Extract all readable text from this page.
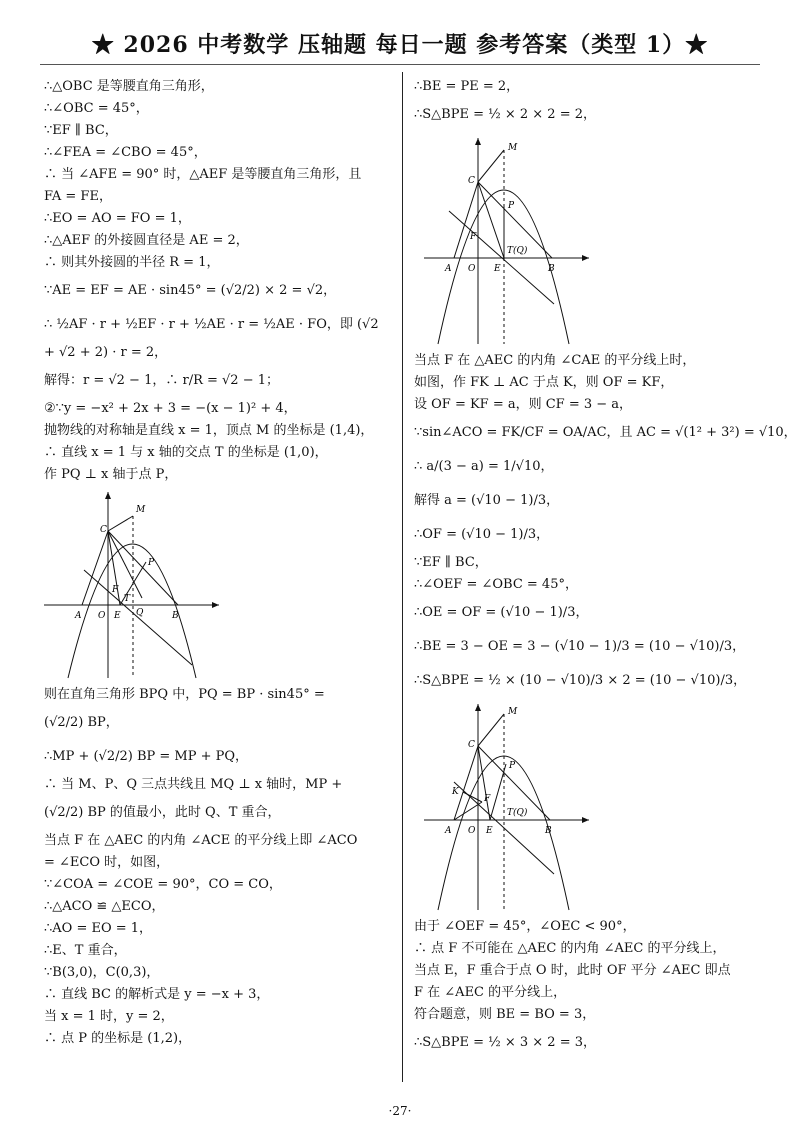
★ 2026 中考数学 压轴题 每日一题 参考答案（类型 1）★
∴△OBC 是等腰直角三角形，
∴∠OBC = 45°，
∵EF ∥ BC，
∴∠FEA = ∠CBO = 45°，
∴ 当 ∠AFE = 90° 时，△AEF 是等腰直角三角形，且
FA = FE，
∴EO = AO = FO = 1，
∴△AEF 的外接圆直径是 AE = 2，
∴ 则其外接圆的半径 R = 1，
∵AE = EF = AE · sin45° = (√2/2) × 2 = √2，
∴ ½AF · r + ½EF · r + ½AE · r = ½AE · FO，即 (√2
+ √2 + 2) · r = 2，
解得：r = √2 − 1，∴ r/R = √2 − 1；
②∵y = −x² + 2x + 3 = −(x − 1)² + 4，
抛物线的对称轴是直线 x = 1，顶点 M 的坐标是 (1,4)，
∴ 直线 x = 1 与 x 轴的交点 T 的坐标是 (1,0)，
作 PQ ⊥ x 轴于点 P，
M
C
P
F
T
A O E Q	B
则在直角三角形 BPQ 中，PQ = BP · sin45° =
(√2/2) BP，
∴MP + (√2/2) BP = MP + PQ，
∴ 当 M、P、Q 三点共线且 MQ ⊥ x 轴时，MP +
(√2/2) BP 的值最小，此时 Q、T 重合，
当点 F 在 △AEC 的内角 ∠ACE 的平分线上即 ∠ACO
= ∠ECO 时，如图，
∵∠COA = ∠COE = 90°，CO = CO，
∴△ACO ≌ △ECO，
∴AO = EO = 1，
∴E、T 重合，
∵B(3,0)，C(0,3)，
∴ 直线 BC 的解析式是 y = −x + 3，
当 x = 1 时，y = 2，
∴ 点 P 的坐标是 (1,2)，
∴BE = PE = 2，
∴S△BPE = ½ × 2 × 2 = 2，
M
C
P
F
T(Q)
A O E	B
当点 F 在 △AEC 的内角 ∠CAE 的平分线上时，
如图，作 FK ⊥ AC 于点 K，则 OF = KF，
设 OF = KF = a，则 CF = 3 − a，
∵sin∠ACO = FK/CF = OA/AC，且 AC = √(1² + 3²) = √10，
∴ a/(3 − a) = 1/√10，
解得 a = (√10 − 1)/3，
∴OF = (√10 − 1)/3，
∵EF ∥ BC，
∴∠OEF = ∠OBC = 45°，
∴OE = OF = (√10 − 1)/3，
∴BE = 3 − OE = 3 − (√10 − 1)/3 = (10 − √10)/3，
∴S△BPE = ½ × (10 − √10)/3 × 2 = (10 − √10)/3，
M
C
P
K
F
T(Q)
A O E	B
由于 ∠OEF = 45°，∠OEC < 90°，
∴ 点 F 不可能在 △AEC 的内角 ∠AEC 的平分线上，
当点 E，F 重合于点 O 时，此时 OF 平分 ∠AEC 即点
F 在 ∠AEC 的平分线上，
符合题意，则 BE = BO = 3，
∴S△BPE = ½ × 3 × 2 = 3，
·27·
